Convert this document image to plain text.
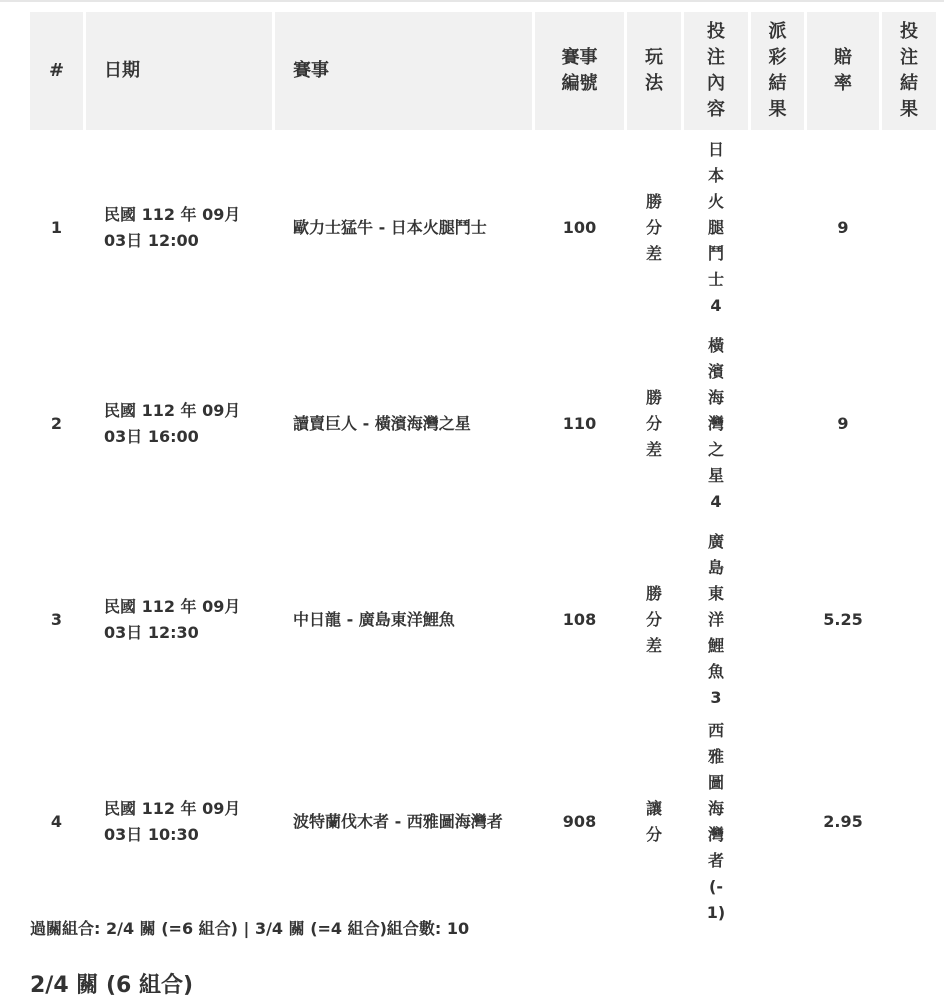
#	日期	賽事	賽事編號	玩法	投注內容	派彩結果	賠率	投注結果
1	民國 112 年 09月
03日 12:00	歐力士猛牛 - 日本火腿鬥士	100	勝分差	日本火腿鬥士4		9	
2	民國 112 年 09月
03日 16:00	讀賣巨人 - 橫濱海灣之星	110	勝分差	橫濱海灣之星4		9	
3	民國 112 年 09月
03日 12:30	中日龍 - 廣島東洋鯉魚	108	勝分差	廣島東洋鯉魚3		5.25	
4	民國 112 年 09月
03日 10:30	波特蘭伐木者 - 西雅圖海灣者	908	讓分	西雅圖海灣者(-1)		2.95	
過關組合: 2/4 關 (=6 組合) | 3/4 關 (=4 組合)組合數: 10
2/4 關 (6 組合)
